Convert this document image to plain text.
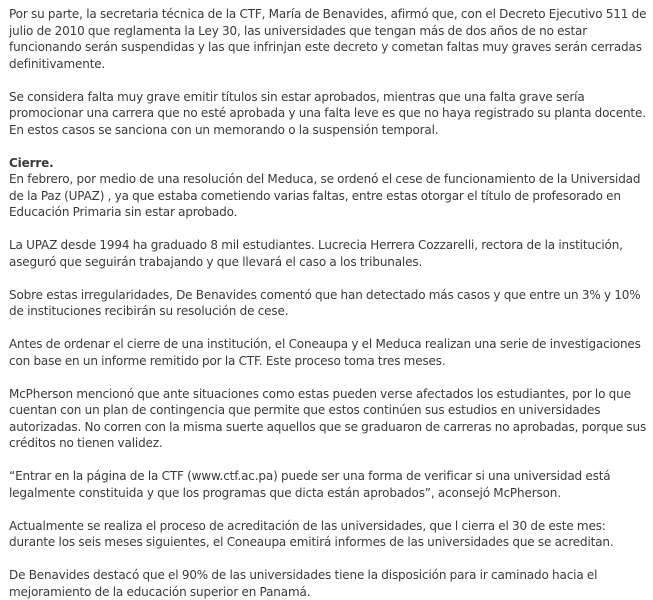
Por su parte, la secretaria técnica de la CTF, María de Benavides, afirmó que, con el Decreto Ejecutivo 511 de julio de 2010 que reglamenta la Ley 30, las universidades que tengan más de dos años de no estar funcionando serán suspendidas y las que infrinjan este decreto y cometan faltas muy graves serán cerradas definitivamente.

Se considera falta muy grave emitir títulos sin estar aprobados, mientras que una falta grave sería promocionar una carrera que no esté aprobada y una falta leve es que no haya registrado su planta docente. En estos casos se sanciona con un memorando o la suspensión temporal.

Cierre.
En febrero, por medio de una resolución del Meduca, se ordenó el cese de funcionamiento de la Universidad de la Paz (UPAZ) , ya que estaba cometiendo varias faltas, entre estas otorgar el título de profesorado en Educación Primaria sin estar aprobado.

La UPAZ desde 1994 ha graduado 8 mil estudiantes. Lucrecia Herrera Cozzarelli, rectora de la institución, aseguró que seguirán trabajando y que llevará el caso a los tribunales.

Sobre estas irregularidades, De Benavides comentó que han detectado más casos y que entre un 3% y 10% de instituciones recibirán su resolución de cese.

Antes de ordenar el cierre de una institución, el Coneaupa y el Meduca realizan una serie de investigaciones con base en un informe remitido por la CTF. Este proceso toma tres meses.

McPherson mencionó que ante situaciones como estas pueden verse afectados los estudiantes, por lo que cuentan con un plan de contingencia que permite que estos continúen sus estudios en universidades autorizadas. No corren con la misma suerte aquellos que se graduaron de carreras no aprobadas, porque sus créditos no tienen validez.

“Entrar en la página de la CTF (www.ctf.ac.pa) puede ser una forma de verificar si una universidad está legalmente constituida y que los programas que dicta están aprobados”, aconsejó McPherson.

Actualmente se realiza el proceso de acreditación de las universidades, que l cierra el 30 de este mes: durante los seis meses siguientes, el Coneaupa emitirá informes de las universidades que se acreditan.

De Benavides destacó que el 90% de las universidades tiene la disposición para ir caminado hacia el mejoramiento de la educación superior en Panamá.
